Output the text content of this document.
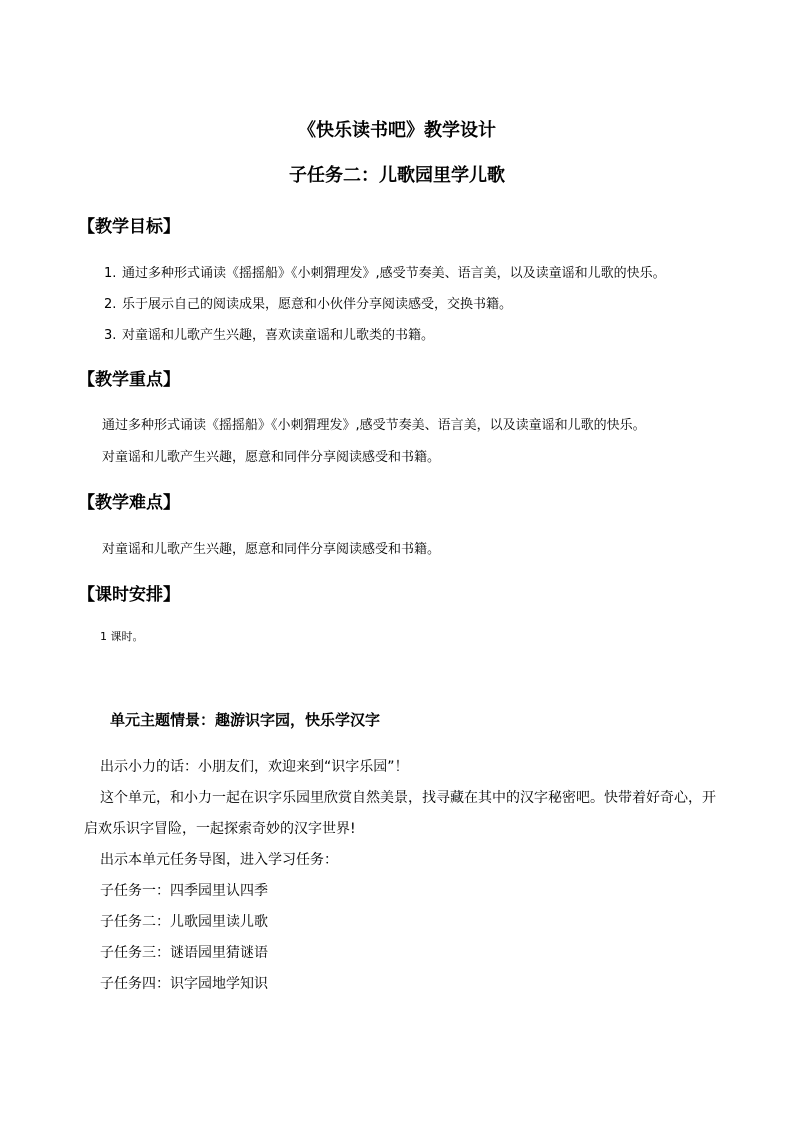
《快乐读书吧》教学设计
子任务二：儿歌园里学儿歌
【教学目标】
1. 通过多种形式诵读《摇摇船》《小刺猬理发》,感受节奏美、语言美，以及读童谣和儿歌的快乐。
2. 乐于展示自己的阅读成果，愿意和小伙伴分享阅读感受，交换书籍。
3. 对童谣和儿歌产生兴趣，喜欢读童谣和儿歌类的书籍。
【教学重点】
通过多种形式诵读《摇摇船》《小刺猬理发》,感受节奏美、语言美，以及读童谣和儿歌的快乐。
对童谣和儿歌产生兴趣，愿意和同伴分享阅读感受和书籍。
【教学难点】
对童谣和儿歌产生兴趣，愿意和同伴分享阅读感受和书籍。
【课时安排】
1 课时。
单元主题情景：趣游识字园，快乐学汉字
出示小力的话：小朋友们，欢迎来到“识字乐园”！
这个单元，和小力一起在识字乐园里欣赏自然美景，找寻藏在其中的汉字秘密吧。快带着好奇心，开
启欢乐识字冒险，一起探索奇妙的汉字世界!
出示本单元任务导图，进入学习任务：
子任务一：四季园里认四季
子任务二：儿歌园里读儿歌
子任务三：谜语园里猜谜语
子任务四：识字园地学知识
